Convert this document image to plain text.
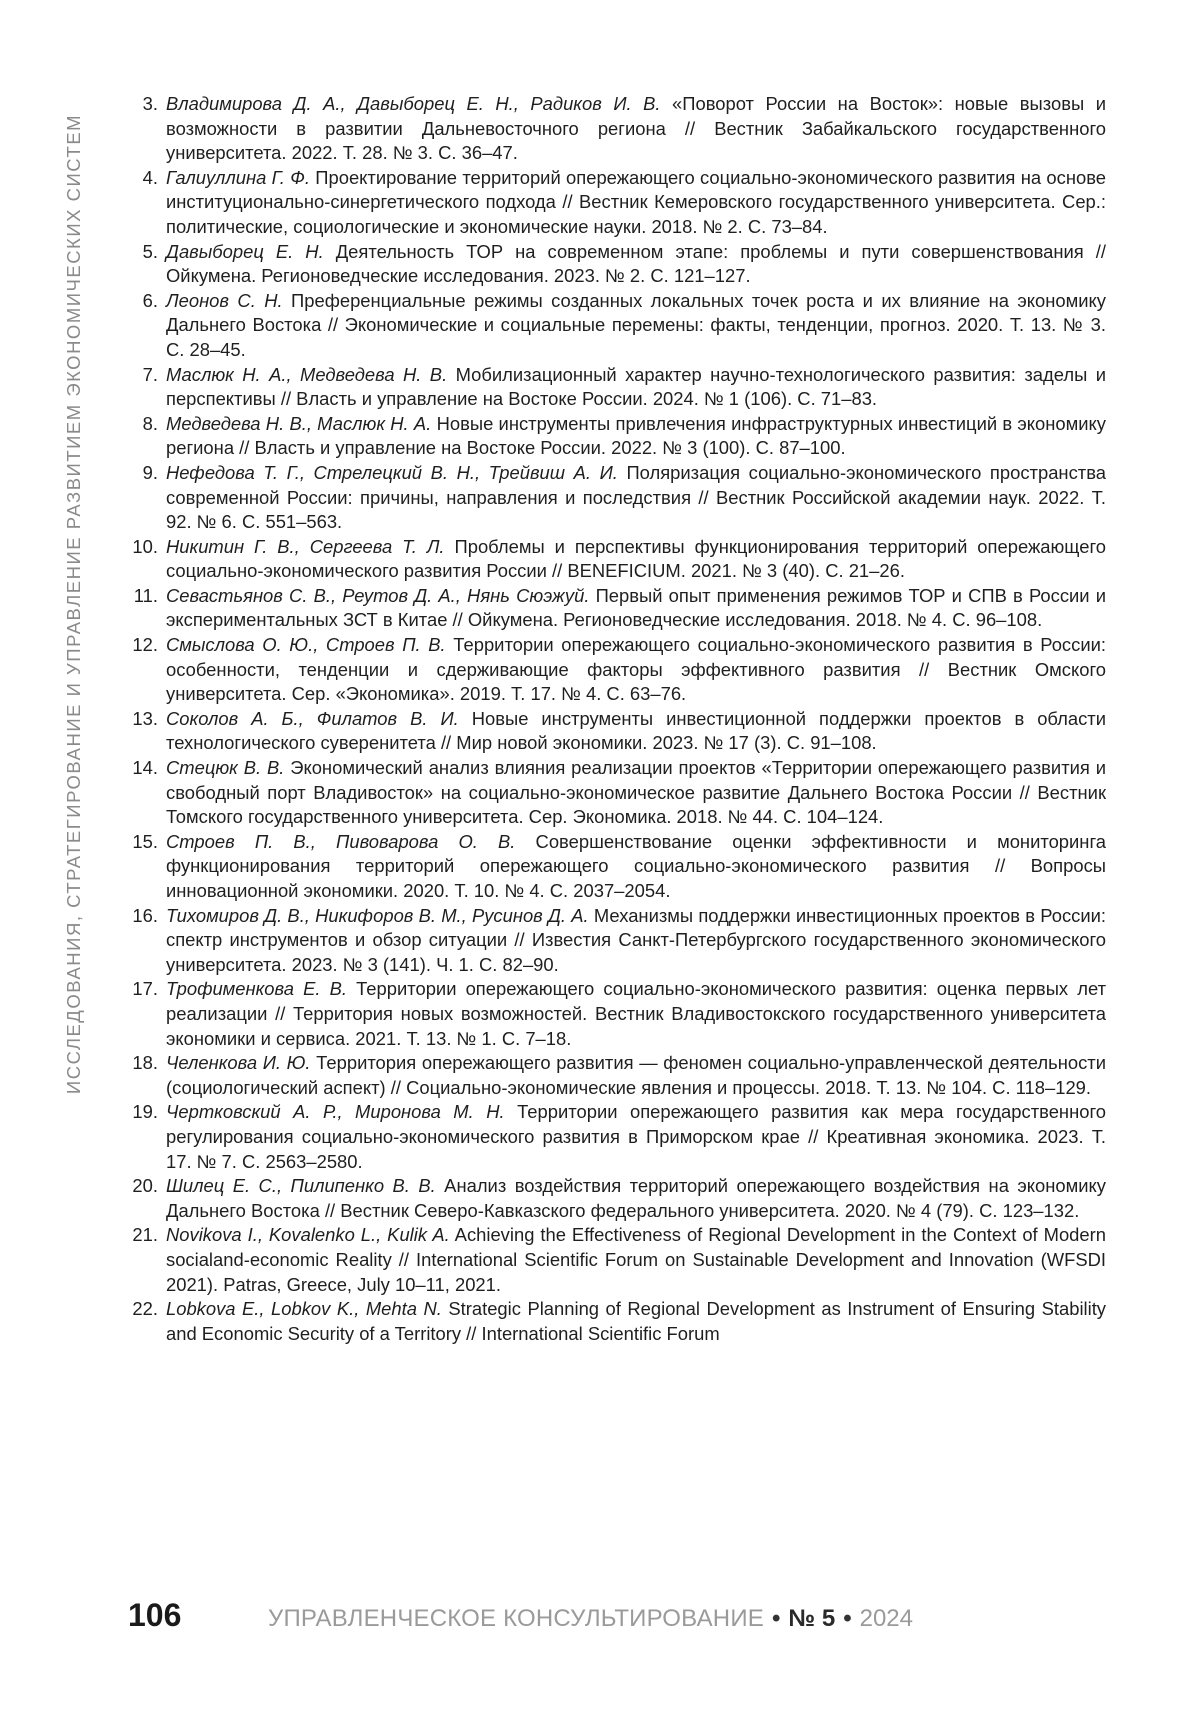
ИССЛЕДОВАНИЯ, СТРАТЕГИРОВАНИЕ И УПРАВЛЕНИЕ РАЗВИТИЕМ ЭКОНОМИЧЕСКИХ СИСТЕМ
3. Владимирова Д. А., Давыборец Е. Н., Радиков И. В. «Поворот России на Восток»: новые вызовы и возможности в развитии Дальневосточного региона // Вестник Забайкальского государственного университета. 2022. Т. 28. № 3. С. 36–47.
4. Галиуллина Г. Ф. Проектирование территорий опережающего социально-экономического развития на основе институционально-синергетического подхода // Вестник Кемеровского государственного университета. Сер.: политические, социологические и экономические науки. 2018. № 2. С. 73–84.
5. Давыборец Е. Н. Деятельность ТОР на современном этапе: проблемы и пути совершенствования // Ойкумена. Регионоведческие исследования. 2023. № 2. С. 121–127.
6. Леонов С. Н. Преференциальные режимы созданных локальных точек роста и их влияние на экономику Дальнего Востока // Экономические и социальные перемены: факты, тенденции, прогноз. 2020. Т. 13. № 3. С. 28–45.
7. Маслюк Н. А., Медведева Н. В. Мобилизационный характер научно-технологического развития: заделы и перспективы // Власть и управление на Востоке России. 2024. № 1 (106). С. 71–83.
8. Медведева Н. В., Маслюк Н. А. Новые инструменты привлечения инфраструктурных инвестиций в экономику региона // Власть и управление на Востоке России. 2022. № 3 (100). С. 87–100.
9. Нефедова Т. Г., Стрелецкий В. Н., Трейвиш А. И. Поляризация социально-экономического пространства современной России: причины, направления и последствия // Вестник Российской академии наук. 2022. Т. 92. № 6. С. 551–563.
10. Никитин Г. В., Сергеева Т. Л. Проблемы и перспективы функционирования территорий опережающего социально-экономического развития России // BENEFICIUM. 2021. № 3 (40). С. 21–26.
11. Севастьянов С. В., Реутов Д. А., Нянь Сюэжуй. Первый опыт применения режимов ТОР и СПВ в России и экспериментальных ЗСТ в Китае // Ойкумена. Регионоведческие исследования. 2018. № 4. С. 96–108.
12. Смыслова О. Ю., Строев П. В. Территории опережающего социально-экономического развития в России: особенности, тенденции и сдерживающие факторы эффективного развития // Вестник Омского университета. Сер. «Экономика». 2019. Т. 17. № 4. С. 63–76.
13. Соколов А. Б., Филатов В. И. Новые инструменты инвестиционной поддержки проектов в области технологического суверенитета // Мир новой экономики. 2023. № 17 (3). С. 91–108.
14. Стецюк В. В. Экономический анализ влияния реализации проектов «Территории опережающего развития и свободный порт Владивосток» на социально-экономическое развитие Дальнего Востока России // Вестник Томского государственного университета. Сер. Экономика. 2018. № 44. С. 104–124.
15. Строев П. В., Пивоварова О. В. Совершенствование оценки эффективности и мониторинга функционирования территорий опережающего социально-экономического развития // Вопросы инновационной экономики. 2020. Т. 10. № 4. С. 2037–2054.
16. Тихомиров Д. В., Никифоров В. М., Русинов Д. А. Механизмы поддержки инвестиционных проектов в России: спектр инструментов и обзор ситуации // Известия Санкт-Петербургского государственного экономического университета. 2023. № 3 (141). Ч. 1. С. 82–90.
17. Трофименкова Е. В. Территории опережающего социально-экономического развития: оценка первых лет реализации // Территория новых возможностей. Вестник Владивостокского государственного университета экономики и сервиса. 2021. Т. 13. № 1. С. 7–18.
18. Челенкова И. Ю. Территория опережающего развития — феномен социально-управленческой деятельности (социологический аспект) // Социально-экономические явления и процессы. 2018. Т. 13. № 104. С. 118–129.
19. Чертковский А. Р., Миронова М. Н. Территории опережающего развития как мера государственного регулирования социально-экономического развития в Приморском крае // Креативная экономика. 2023. Т. 17. № 7. С. 2563–2580.
20. Шилец Е. С., Пилипенко В. В. Анализ воздействия территорий опережающего воздействия на экономику Дальнего Востока // Вестник Северо-Кавказского федерального университета. 2020. № 4 (79). С. 123–132.
21. Novikova I., Kovalenko L., Kulik A. Achieving the Effectiveness of Regional Development in the Context of Modern socialand-economic Reality // International Scientific Forum on Sustainable Development and Innovation (WFSDI 2021). Patras, Greece, July 10–11, 2021.
22. Lobkova E., Lobkov K., Mehta N. Strategic Planning of Regional Development as Instrument of Ensuring Stability and Economic Security of a Territory // International Scientific Forum
106	УПРАВЛЕНЧЕСКОЕ КОНСУЛЬТИРОВАНИЕ • № 5 • 2024
